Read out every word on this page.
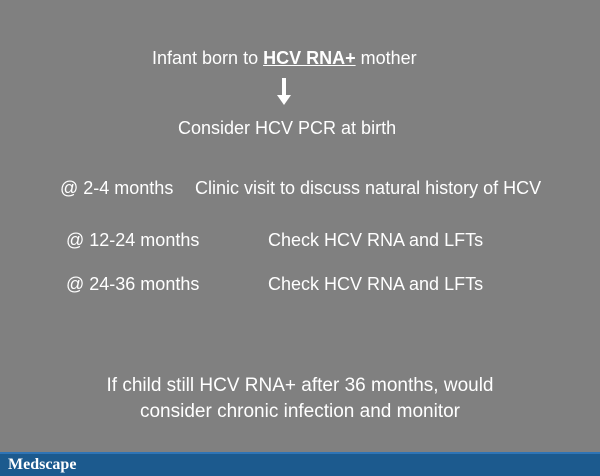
Infant born to HCV RNA+ mother
Consider HCV PCR at birth
@ 2-4 months Clinic visit to discuss natural history of HCV
@ 12-24 months	Check HCV RNA and LFTs
@ 24-36 months	Check HCV RNA and LFTs
If child still HCV RNA+ after 36 months, would
consider chronic infection and monitor
Medscape
